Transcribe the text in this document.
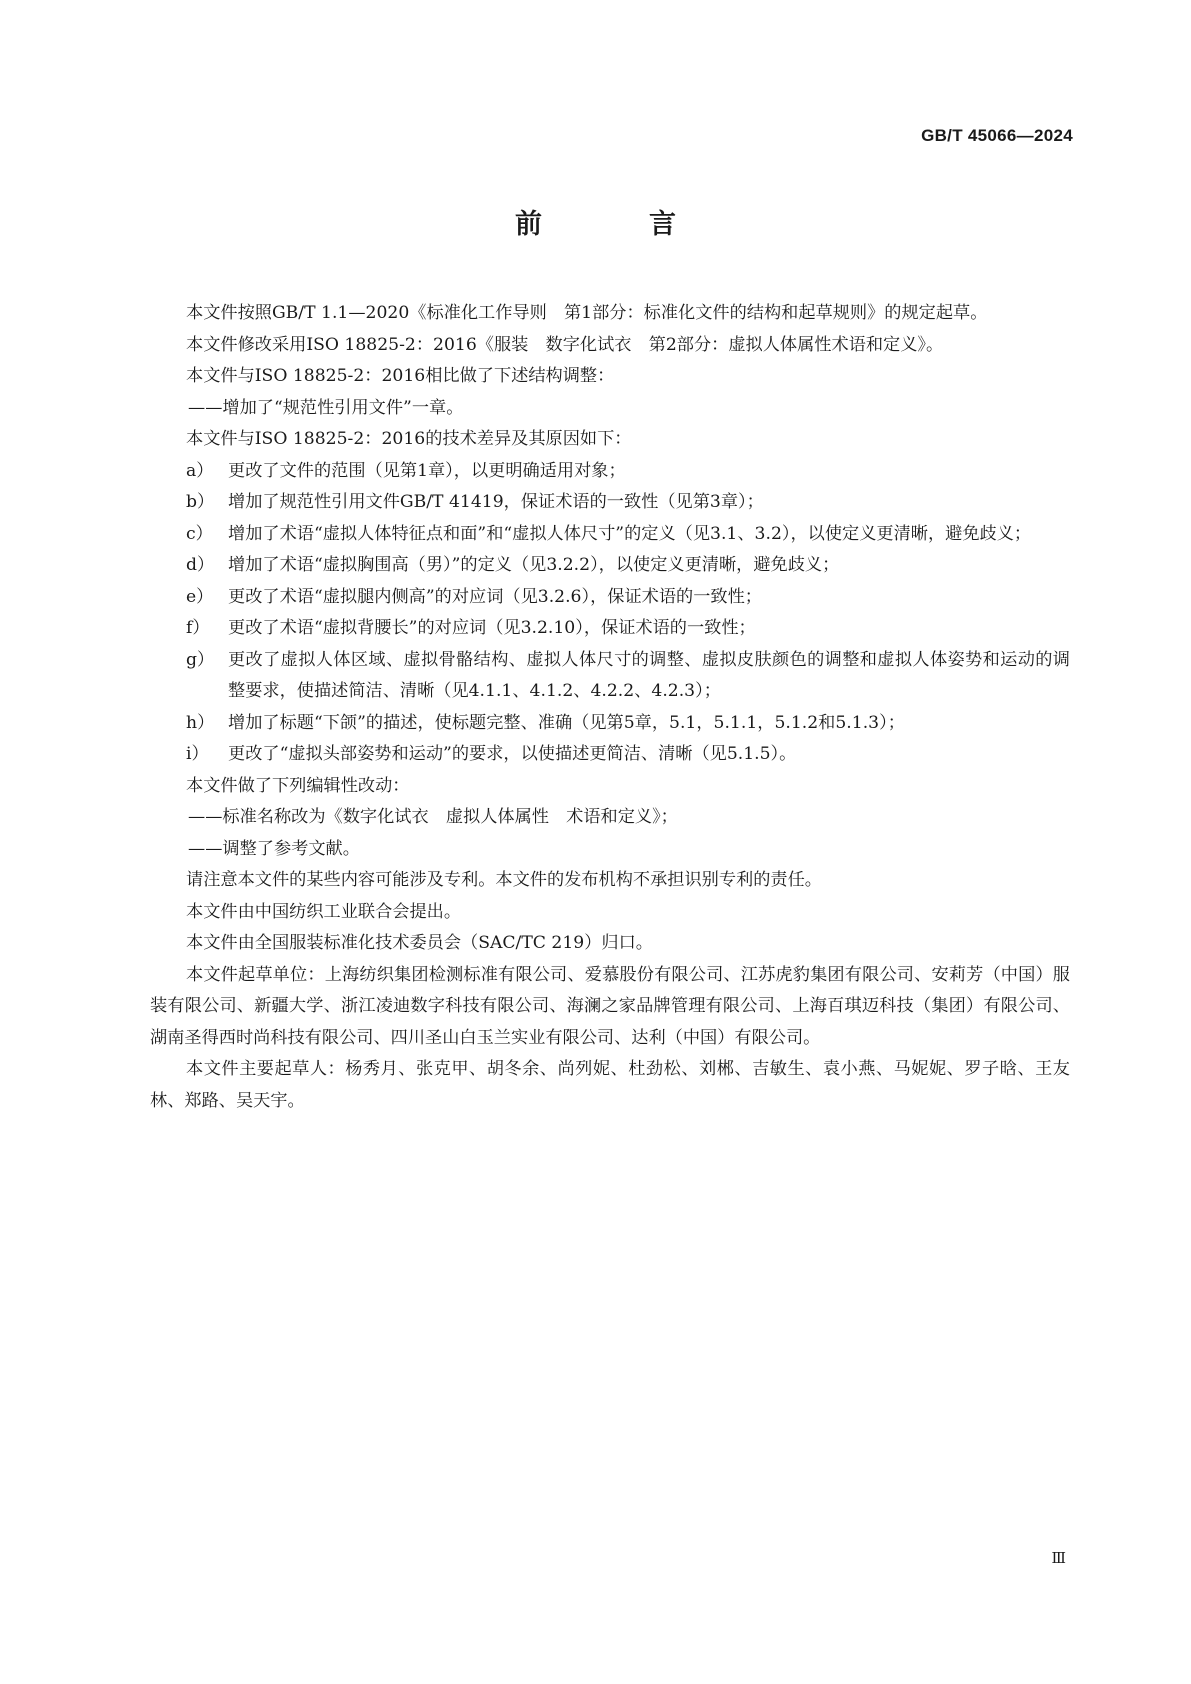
GB/T 45066—2024
前　言

本文件按照GB/T 1.1—2020《标准化工作导则　第1部分：标准化文件的结构和起草规则》的规定起草。

本文件修改采用ISO 18825-2：2016《服装　数字化试衣　第2部分：虚拟人体属性术语和定义》。

本文件与ISO 18825-2：2016相比做了下述结构调整：

——增加了“规范性引用文件”一章。

本文件与ISO 18825-2：2016的技术差异及其原因如下：

a） 更改了文件的范围（见第1章），以更明确适用对象；
b） 增加了规范性引用文件GB/T 41419，保证术语的一致性（见第3章）；
c） 增加了术语“虚拟人体特征点和面”和“虚拟人体尺寸”的定义（见3.1、3.2），以使定义更清晰，避免歧义；
d） 增加了术语“虚拟胸围高（男）”的定义（见3.2.2），以使定义更清晰，避免歧义；
e） 更改了术语“虚拟腿内侧高”的对应词（见3.2.6），保证术语的一致性；
f） 更改了术语“虚拟背腰长”的对应词（见3.2.10），保证术语的一致性；
g） 更改了虚拟人体区域、虚拟骨骼结构、虚拟人体尺寸的调整、虚拟皮肤颜色的调整和虚拟人体姿势和运动的调整要求，使描述简洁、清晰（见4.1.1、4.1.2、4.2.2、4.2.3）；
h） 增加了标题“下颌”的描述，使标题完整、准确（见第5章，5.1，5.1.1，5.1.2和5.1.3）；
i） 更改了“虚拟头部姿势和运动”的要求，以使描述更简洁、清晰（见5.1.5）。

本文件做了下列编辑性改动：

——标准名称改为《数字化试衣　虚拟人体属性　术语和定义》；

——调整了参考文献。

请注意本文件的某些内容可能涉及专利。本文件的发布机构不承担识别专利的责任。

本文件由中国纺织工业联合会提出。

本文件由全国服装标准化技术委员会（SAC/TC 219）归口。

本文件起草单位：上海纺织集团检测标准有限公司、爱慕股份有限公司、江苏虎豹集团有限公司、安莉芳（中国）服装有限公司、新疆大学、浙江凌迪数字科技有限公司、海澜之家品牌管理有限公司、上海百琪迈科技（集团）有限公司、湖南圣得西时尚科技有限公司、四川圣山白玉兰实业有限公司、达利（中国）有限公司。

本文件主要起草人：杨秀月、张克甲、胡冬余、尚列妮、杜劲松、刘郴、吉敏生、袁小燕、马妮妮、罗子晗、王友林、郑路、吴天宇。

Ⅲ
